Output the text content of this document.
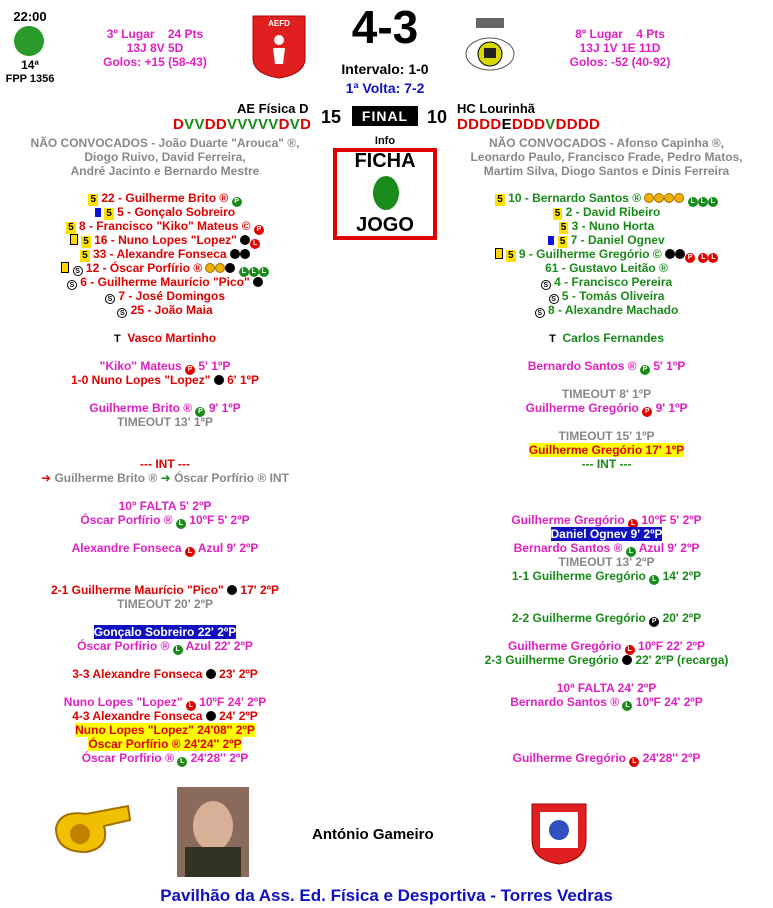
22:00
14ª
FPP 1356
3º Lugar 24 Pts
13J 8V 5D
Golos: +15 (58-43)
AEFD	4-3
Intervalo: 1-0
1ª Volta: 7-2
8º Lugar 4 Pts
13J 1V 1E 11D
Golos: -52 (40-92)
AE Física D	HC Lourinhã
15	FINAL	10
DVVDDVVVVVDVD	DDDDEDDDVDDDD
Info
FICHA
JOGO
NÃO CONVOCADOS - João Duarte "Arouca" ®,
Diogo Ruivo, David Ferreira,
André Jacinto e Bernardo Mestre
NÃO CONVOCADOS - Afonso Capinha ®,
Leonardo Paulo, Francisco Frade, Pedro Matos,
Martim Silva, Diogo Santos e Dinis Ferreira
5 22 - Guilherme Brito ® P
5 5 - Gonçalo Sobreiro
5 8 - Francisco "Kiko" Mateus © P
5 16 - Nuno Lopes "Lopez" L
5 33 - Alexandre Fonseca
S 12 - Óscar Porfírio ®	L L L
S 6 - Guilherme Maurício "Pico"
S 7 - José Domingos
S 25 - João Maia
5 10 - Bernardo Santos ®	L L L
5 2 - David Ribeiro
5 3 - Nuno Horta
5 7 - Daniel Ognev
5 9 - Guilherme Gregório ©	P L L
61 - Gustavo Leitão ®
S 4 - Francisco Pereira
S 5 - Tomás Oliveira
S 8 - Alexandre Machado
T Vasco Martinho	T Carlos Fernandes
"Kiko" Mateus P 5' 1ºP
1-0 Nuno Lopes "Lopez" 6' 1ºP
Guilherme Brito ® P 9' 1ºP
TIMEOUT 13' 1ºP
--- INT ---
➜ Guilherme Brito ® ➜ Óscar Porfírio ® INT
10º FALTA 5' 2ºP
Óscar Porfírio ® L 10ºF 5' 2ºP
Alexandre Fonseca L Azul 9' 2ºP
2-1 Guilherme Maurício "Pico" 17' 2ºP
TIMEOUT 20' 2ºP
Gonçalo Sobreiro 22' 2ºP
Óscar Porfírio ® L Azul 22' 2ºP
3-3 Alexandre Fonseca 23' 2ºP
Nuno Lopes "Lopez" L 10ºF 24' 2ºP
4-3 Alexandre Fonseca 24' 2ºP
Nuno Lopes "Lopez" 24'08'' 2ºP
Óscar Porfírio ® 24'24'' 2ºP
Óscar Porfírio ® L 24'28'' 2ºP
Bernardo Santos ® P 5' 1ºP
TIMEOUT 8' 1ºP
Guilherme Gregório P 9' 1ºP
TIMEOUT 15' 1ºP
Guilherme Gregório 17' 1ºP
--- INT ---
Guilherme Gregório L 10ºF 5' 2ºP
Daniel Ognev 9' 2ºP
Bernardo Santos ® L Azul 9' 2ºP
TIMEOUT 13' 2ºP
1-1 Guilherme Gregório L 14' 2ºP
2-2 Guilherme Gregório P 20' 2ºP
Guilherme Gregório L 10ºF 22' 2ºP
2-3 Guilherme Gregório 22' 2ºP (recarga)
10ª FALTA 24' 2ºP
Bernardo Santos ® L 10ºF 24' 2ºP
Guilherme Gregório L 24'28'' 2ºP
António Gameiro
Pavilhão da Ass. Ed. Física e Desportiva - Torres Vedras
